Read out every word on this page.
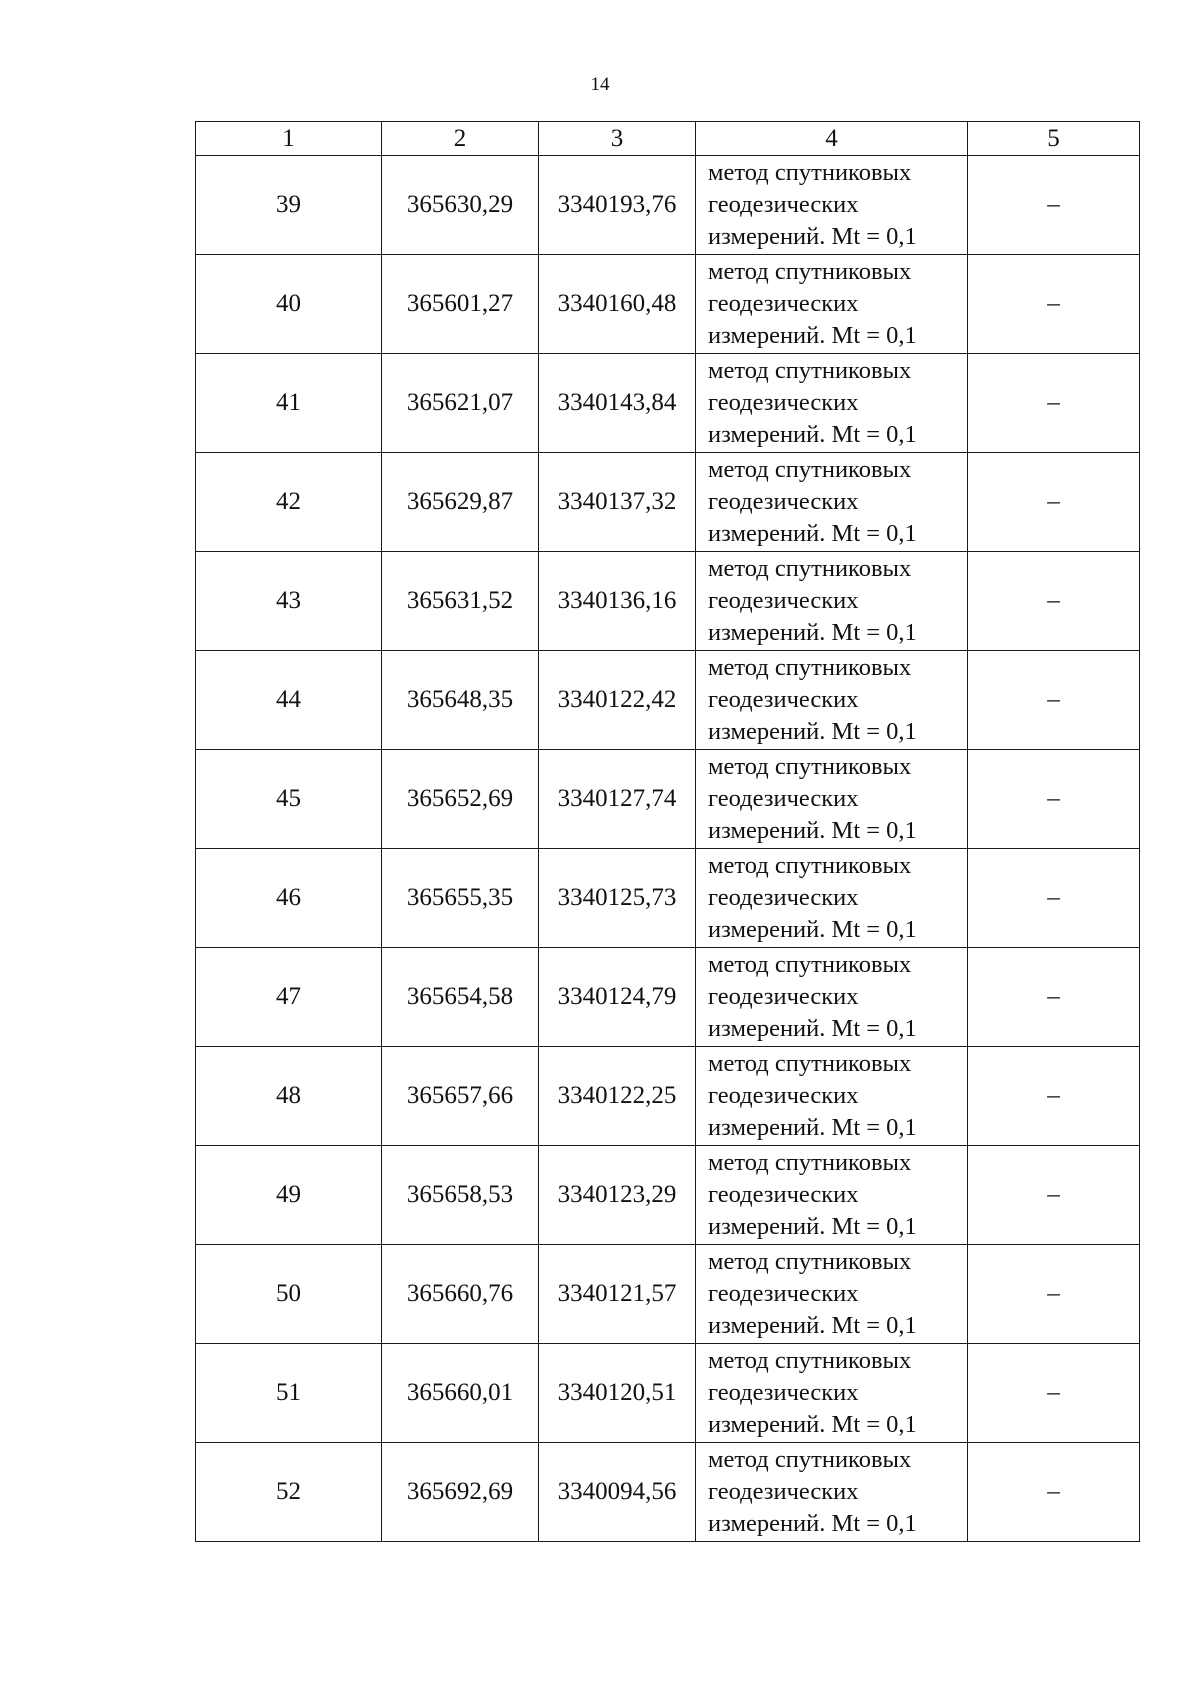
14
1	2	3	4	5
39	365630,29	3340193,76	метод спутниковых
геодезических
измерений. Mt = 0,1	–
40	365601,27	3340160,48	метод спутниковых
геодезических
измерений. Mt = 0,1	–
41	365621,07	3340143,84	метод спутниковых
геодезических
измерений. Mt = 0,1	–
42	365629,87	3340137,32	метод спутниковых
геодезических
измерений. Mt = 0,1	–
43	365631,52	3340136,16	метод спутниковых
геодезических
измерений. Mt = 0,1	–
44	365648,35	3340122,42	метод спутниковых
геодезических
измерений. Mt = 0,1	–
45	365652,69	3340127,74	метод спутниковых
геодезических
измерений. Mt = 0,1	–
46	365655,35	3340125,73	метод спутниковых
геодезических
измерений. Mt = 0,1	–
47	365654,58	3340124,79	метод спутниковых
геодезических
измерений. Mt = 0,1	–
48	365657,66	3340122,25	метод спутниковых
геодезических
измерений. Mt = 0,1	–
49	365658,53	3340123,29	метод спутниковых
геодезических
измерений. Mt = 0,1	–
50	365660,76	3340121,57	метод спутниковых
геодезических
измерений. Mt = 0,1	–
51	365660,01	3340120,51	метод спутниковых
геодезических
измерений. Mt = 0,1	–
52	365692,69	3340094,56	метод спутниковых
геодезических
измерений. Mt = 0,1	–
